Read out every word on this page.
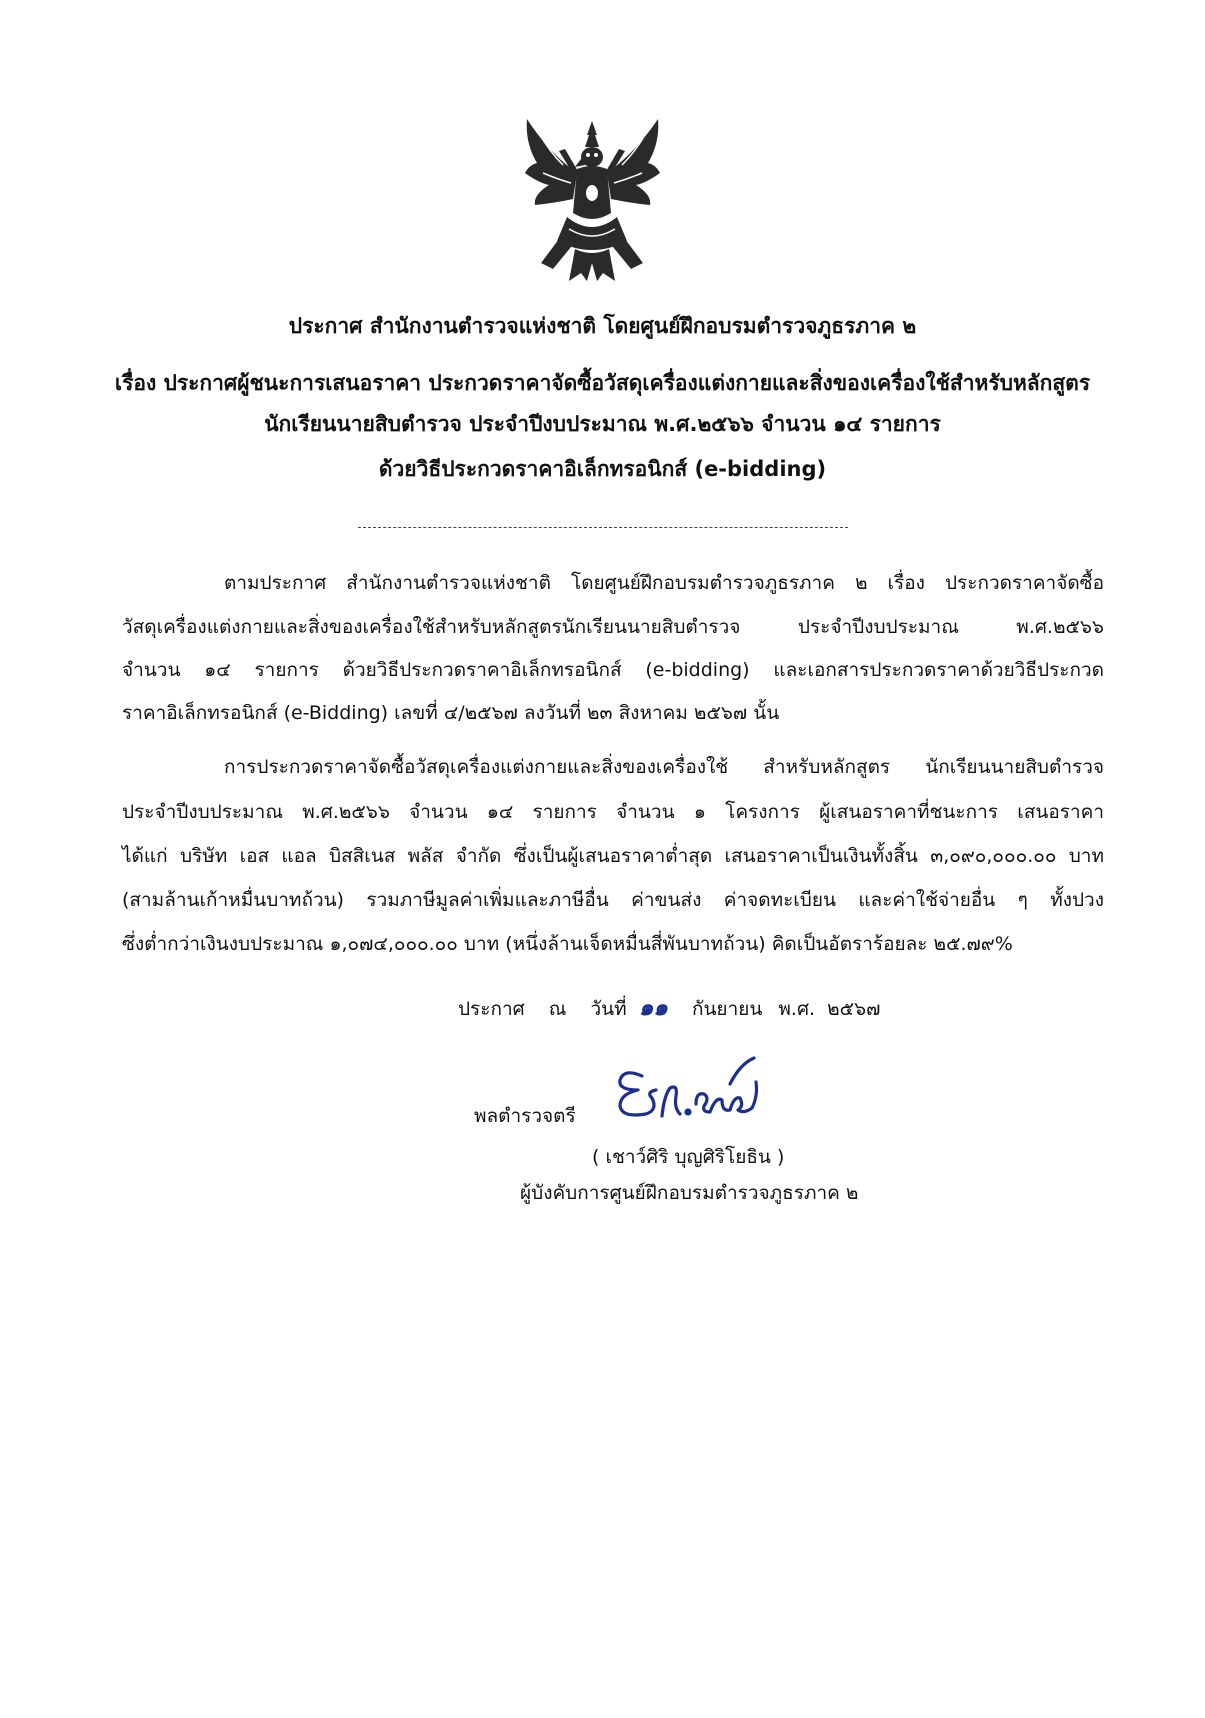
ประกาศ สำนักงานตำรวจแห่งชาติ โดยศูนย์ฝึกอบรมตำรวจภูธรภาค ๒
เรื่อง ประกาศผู้ชนะการเสนอราคา ประกวดราคาจัดซื้อวัสดุเครื่องแต่งกายและสิ่งของเครื่องใช้สำหรับหลักสูตร
นักเรียนนายสิบตำรวจ ประจำปีงบประมาณ พ.ศ.๒๕๖๖ จำนวน ๑๔ รายการ
ด้วยวิธีประกวดราคาอิเล็กทรอนิกส์ (e-bidding)
ตามประกาศ สำนักงานตำรวจแห่งชาติ โดยศูนย์ฝึกอบรมตำรวจภูธรภาค ๒ เรื่อง ประกวดราคาจัดซื้อ
วัสดุเครื่องแต่งกายและสิ่งของเครื่องใช้สำหรับหลักสูตรนักเรียนนายสิบตำรวจ ประจำปีงบประมาณ พ.ศ.๒๕๖๖
จำนวน ๑๔ รายการ ด้วยวิธีประกวดราคาอิเล็กทรอนิกส์ (e-bidding) และเอกสารประกวดราคาด้วยวิธีประกวด
ราคาอิเล็กทรอนิกส์ (e-Bidding) เลขที่ ๔/๒๕๖๗ ลงวันที่ ๒๓ สิงหาคม ๒๕๖๗ นั้น
การประกวดราคาจัดซื้อวัสดุเครื่องแต่งกายและสิ่งของเครื่องใช้ สำหรับหลักสูตร นักเรียนนายสิบตำรวจ
ประจำปีงบประมาณ พ.ศ.๒๕๖๖ จำนวน ๑๔ รายการ จำนวน ๑ โครงการ ผู้เสนอราคาที่ชนะการ เสนอราคา
ได้แก่ บริษัท เอส แอล บิสสิเนส พลัส จำกัด ซึ่งเป็นผู้เสนอราคาต่ำสุด เสนอราคาเป็นเงินทั้งสิ้น ๓,๐๙๐,๐๐๐.๐๐ บาท
(สามล้านเก้าหมื่นบาทถ้วน) รวมภาษีมูลค่าเพิ่มและภาษีอื่น ค่าขนส่ง ค่าจดทะเบียน และค่าใช้จ่ายอื่น ๆ ทั้งปวง
ซึ่งต่ำกว่าเงินงบประมาณ ๑,๐๗๔,๐๐๐.๐๐ บาท (หนึ่งล้านเจ็ดหมื่นสี่พันบาทถ้วน) คิดเป็นอัตราร้อยละ ๒๕.๗๙%
ประกาศ ณ วันที่ ๑๑ กันยายน พ.ศ. ๒๕๖๗
พลตำรวจตรี
( เชาว์ศิริ บุญศิริโยธิน )
ผู้บังคับการศูนย์ฝึกอบรมตำรวจภูธรภาค ๒
